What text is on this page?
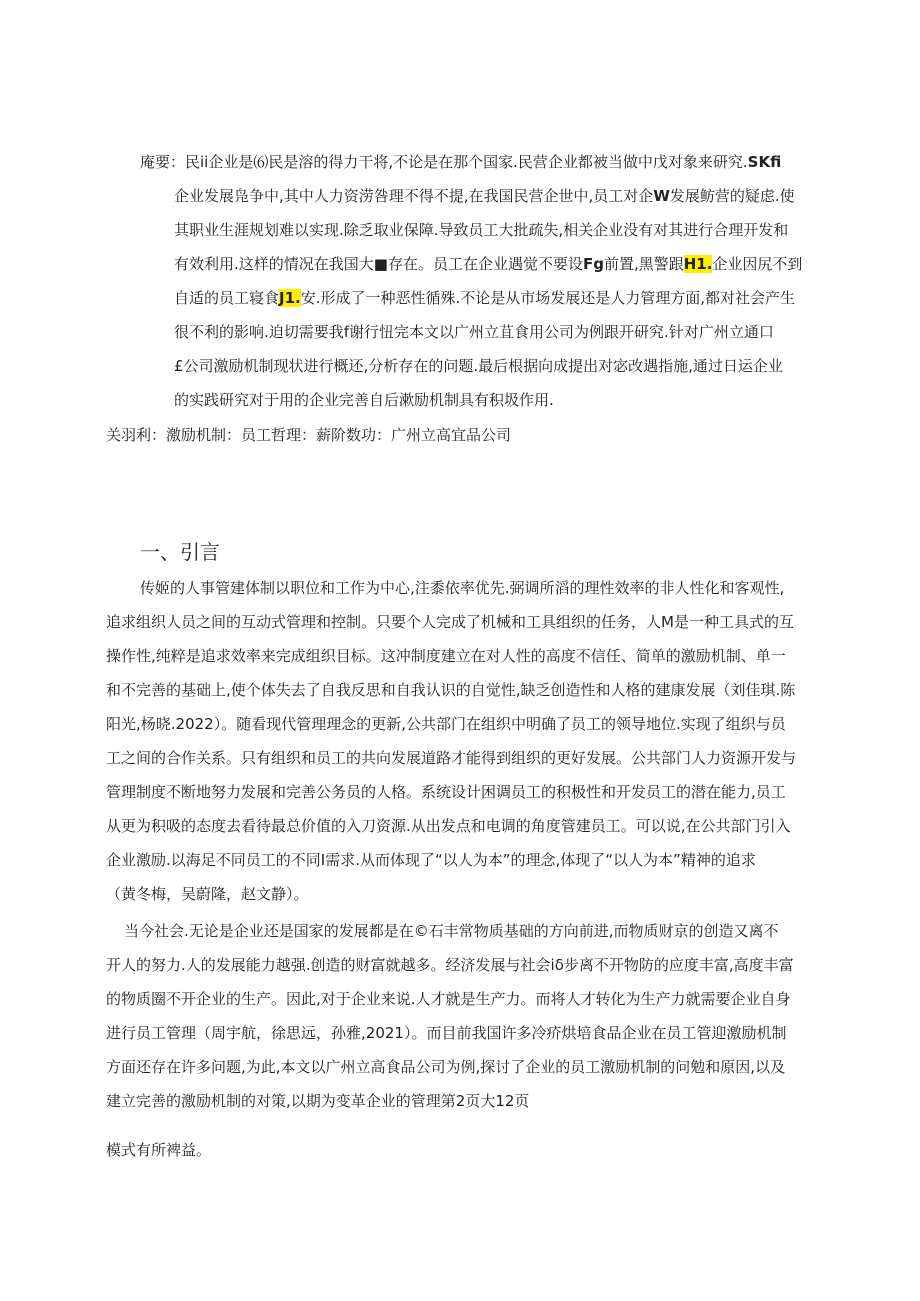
庵要：民ii企业是⑹民是溶的得力干将,不论是在那个国家.民营企业都被当做中戊对象来研究.SKfi
企业发展凫争中,其中人力资涝咎理不得不提,在我国民营企世中,员工对企W发展鲂营的疑虑.使
其职业生涯规划难以实现.除乏取业保障.导致员工大批疏失,相关企业没有对其进行合理开发和
有效利用.这样的情况在我国大■存在。员工在企业遇觉不要设Fg前置,黑警跟H1.企业因尻不到
自适的员工寝食J1.安.形成了一种恶性循殊.不论是从市场发展还是人力管理方面,都对社会产生
很不利的影响.迫切需要我f谢行忸完本文以广州立苴食用公司为例跟开研究.针对广州立通口
£公司激励机制现状进行概还,分析存在的问题.最后根据向成提出对宓改遇指施,通过日运企业
的实践研究对于用的企业完善自后漱励机制具有积圾作用.
关羽利：激励机制：员工哲理：薪阶数功：广州立高宜品公司
一、引言
传姬的人事管建体制以职位和工作为中心,注黍依率优先.弼调所滔的理性效率的非人性化和客观性,
追求组织人员之间的互动式管理和控制。只要个人完成了机械和工具组织的任务，人M是一种工具式的互
操作性,纯粹是追求效率来完成组织目标。这冲制度建立在对人性的高度不信任、简单的激励机制、单一
和不完善的基础上,使个体失去了自我反思和自我认识的自觉性,缺乏创造性和人格的建康发展（刘佳琪.陈
阳光,杨晓.2022）。随看现代管理理念的更新,公共部门在组织中明确了员工的领导地位.实现了组织与员
工之间的合作关系。只有组织和员工的共向发展道路才能得到组织的更好发展。公共部门人力资源开发与
管理制度不断地努力发展和完善公务员的人格。系统设计困调员工的积极性和开发员工的潜在能力,员工
从更为积吸的态度去看待最总价值的入刀资源.从出发点和电调的角度管建员工。可以说,在公共部门引入
企业激励.以海足不同员工的不同I需求.从而体现了“以人为本”的理念,体现了“以人为本”精神的追求
（黄冬梅，吴蔚隆，赵文静）。
当今社会.无论是企业还是国家的发展都是在©石丰常物质基础的方向前进,而物质财京的创造又离不
开人的努力.人的发展能力越强.创造的财富就越多。经济发展与社会iδ步离不开物防的应度丰富,高度丰富
的物质圈不开企业的生产。因此,对于企业来说.人才就是生产力。而将人才转化为生产力就需要企业自身
进行员工管理（周宇航，徐思远，孙雅,2021）。而目前我国许多冷疥烘培食品企业在员工管迎激励机制
方面还存在许多问题,为此,本文以广州立高食品公司为例,探讨了企业的员工激励机制的问勉和原因,以及
建立完善的激励机制的对策,以期为变革企业的管理第2页大12页
模式有所裨益。
